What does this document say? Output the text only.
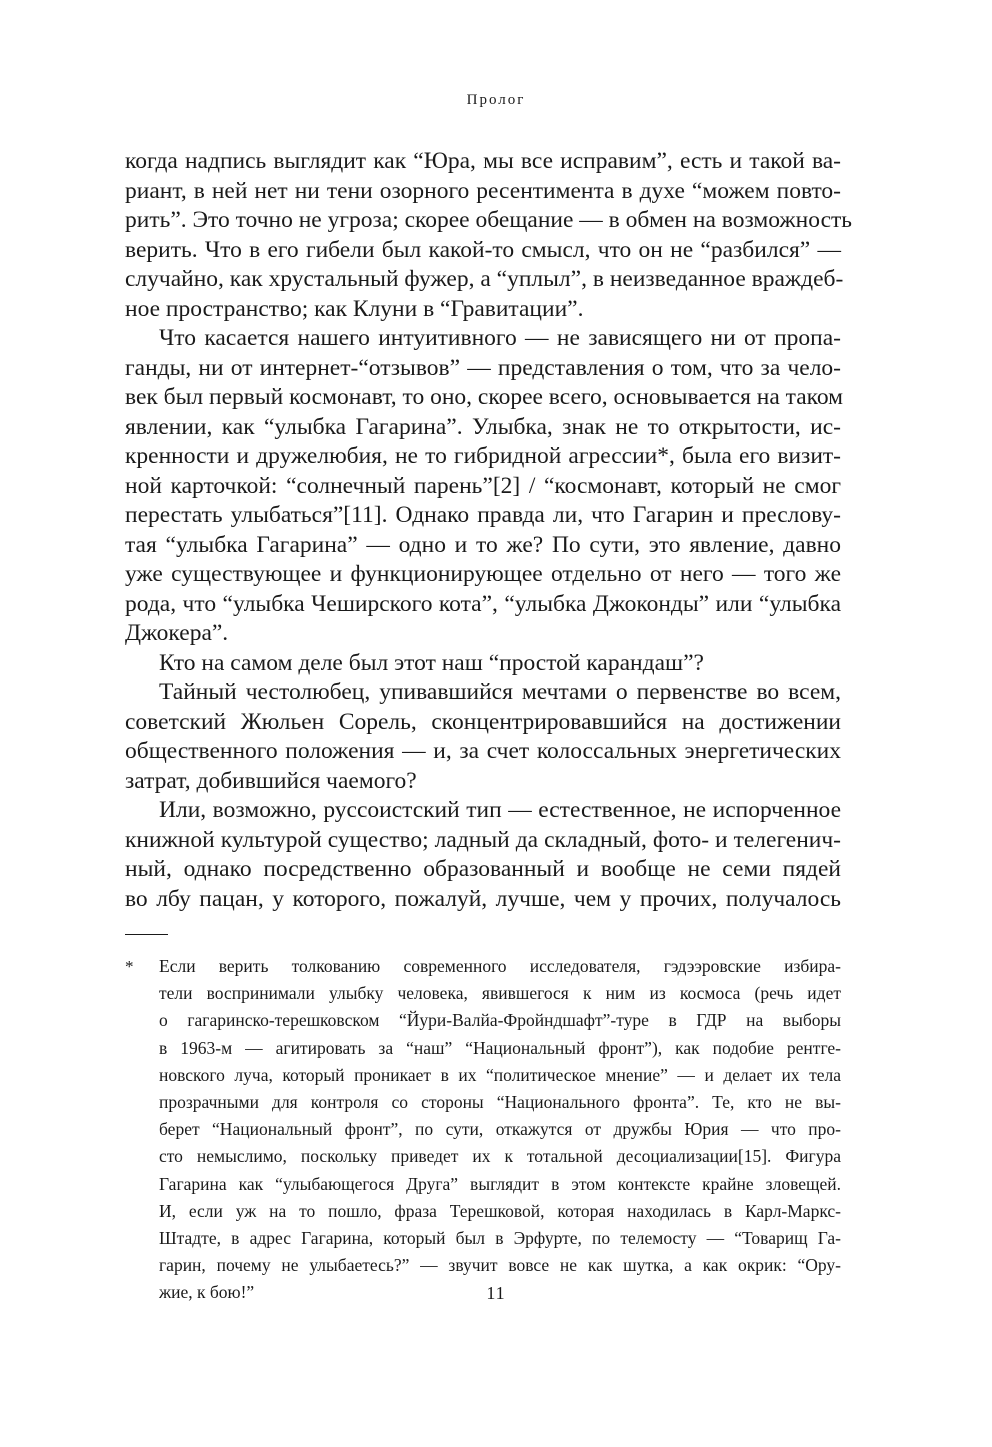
Пролог

когда надпись выглядит как “Юра, мы все исправим”, есть и такой ва-
риант, в ней нет ни тени озорного ресентимента в духе “можем повто-
рить”. Это точно не угроза; скорее обещание — в обмен на возможность
верить. Что в его гибели был какой-то смысл, что он не “разбился” —
случайно, как хрустальный фужер, а “уплыл”, в неизведанное враждеб-
ное пространство; как Клуни в “Гравитации”.

Что касается нашего интуитивного — не зависящего ни от пропа-
ганды, ни от интернет-“отзывов” — представления о том, что за чело-
век был первый космонавт, то оно, скорее всего, основывается на таком
явлении, как “улыбка Гагарина”. Улыбка, знак не то открытости, ис-
кренности и дружелюбия, не то гибридной агрессии*, была его визит-
ной карточкой: “солнечный парень”[2] / “космонавт, который не смог
перестать улыбаться”[11]. Однако правда ли, что Гагарин и преслову-
тая “улыбка Гагарина” — одно и то же? По сути, это явление, давно
уже существующее и функционирующее отдельно от него — того же
рода, что “улыбка Чеширского кота”, “улыбка Джоконды” или “улыбка
Джокера”.

Кто на самом деле был этот наш “простой карандаш”?

Тайный честолюбец, упивавшийся мечтами о первенстве во всем,
советский Жюльен Сорель, сконцентрировавшийся на достижении
общественного положения — и, за счет колоссальных энергетических
затрат, добившийся чаемого?

Или, возможно, руссоистский тип — естественное, не испорченное
книжной культурой существо; ладный да складный, фото- и телегенич-
ный, однако посредственно образованный и вообще не семи пядей
во лбу пацан, у которого, пожалуй, лучше, чем у прочих, получалось

* Если верить толкованию современного исследователя, гэдээровские избира-
тели воспринимали улыбку человека, явившегося к ним из космоса (речь идет
о гагаринско-терешковском “Йури-Валйа-Фройндшафт”-туре в ГДР на выборы
в 1963-м — агитировать за “наш” “Национальный фронт”), как подобие рентге-
новского луча, который проникает в их “политическое мнение” — и делает их тела
прозрачными для контроля со стороны “Национального фронта”. Те, кто не вы-
берет “Национальный фронт”, по сути, откажутся от дружбы Юрия — что про-
сто немыслимо, поскольку приведет их к тотальной десоциализации[15]. Фигура
Гагарина как “улыбающегося Друга” выглядит в этом контексте крайне зловещей.
И, если уж на то пошло, фраза Терешковой, которая находилась в Карл-Маркс-
Штадте, в адрес Гагарина, который был в Эрфурте, по телемосту — “Товарищ Га-
гарин, почему не улыбаетесь?” — звучит вовсе не как шутка, а как окрик: “Ору-
жие, к бою!”	11
